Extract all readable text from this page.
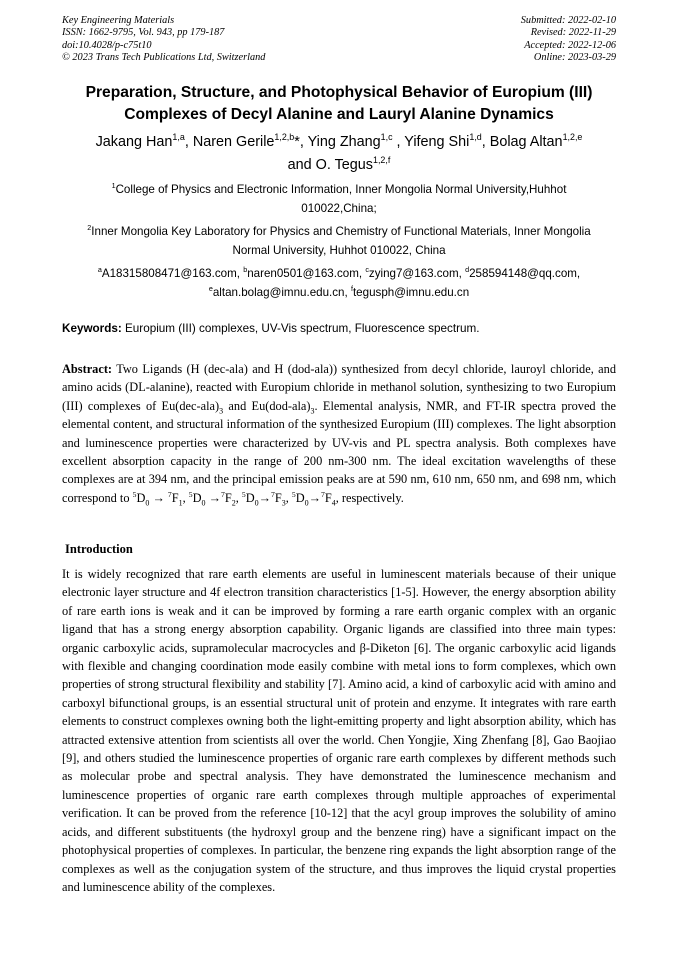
Key Engineering Materials
ISSN: 1662-9795, Vol. 943, pp 179-187
doi:10.4028/p-c75t10
© 2023 Trans Tech Publications Ltd, Switzerland
Submitted: 2022-02-10
Revised: 2022-11-29
Accepted: 2022-12-06
Online: 2023-03-29
Preparation, Structure, and Photophysical Behavior of Europium (III)
Complexes of Decyl Alanine and Lauryl Alanine Dynamics
Jakang Han$^{1,a}$, Naren Gerile$^{1,2,b}$*, Ying Zhang$^{1,c}$ , Yifeng Shi$^{1,d}$, Bolag Altan$^{1,2,e}$
and O. Tegus$^{1,2,f}$
$^1$College of Physics and Electronic Information, Inner Mongolia Normal University,Huhhot
010022,China;
$^2$Inner Mongolia Key Laboratory for Physics and Chemistry of Functional Materials, Inner Mongolia
Normal University, Huhhot 010022, China
$^a$A18315808471@163.com, $^b$naren0501@163.com, $^c$zying7@163.com, $^d$258594148@qq.com,
$^e$altan.bolag@imnu.edu.cn, $^f$tegusph@imnu.edu.cn
Keywords: Europium (III) complexes, UV-Vis spectrum, Fluorescence spectrum.
Abstract: Two Ligands (H (dec-ala) and H (dod-ala)) synthesized from decyl chloride, lauroyl chloride, and amino acids (DL-alanine), reacted with Europium chloride in methanol solution, synthesizing to two Europium (III) complexes of $Eu(dec-ala)_3$ and $Eu(dod-ala)_3$. Elemental analysis, NMR, and FT-IR spectra proved the elemental content, and structural information of the synthesized Europium (III) complexes. The light absorption and luminescence properties were characterized by UV-vis and PL spectra analysis. Both complexes have excellent absorption capacity in the range of 200 nm-300 nm. The ideal excitation wavelengths of these complexes are at 394 nm, and the principal emission peaks are at 590 nm, 610 nm, 650 nm, and 698 nm, which correspond to $^5D_0 \to ^7F_1$, $^5D_0 \to^7F_2$, $^5D_0\to^7F_3$, $^5D_0\to^7F_4$, respectively.
Introduction
It is widely recognized that rare earth elements are useful in luminescent materials because of their unique electronic layer structure and 4f electron transition characteristics [1-5]. However, the energy absorption ability of rare earth ions is weak and it can be improved by forming a rare earth organic complex with an organic ligand that has a strong energy absorption capability. Organic ligands are classified into three main types: organic carboxylic acids, supramolecular macrocycles and β-Diketon [6]. The organic carboxylic acid ligands with flexible and changing coordination mode easily combine with metal ions to form complexes, which own properties of strong structural flexibility and stability [7]. Amino acid, a kind of carboxylic acid with amino and carboxyl bifunctional groups, is an essential structural unit of protein and enzyme. It integrates with rare earth elements to construct complexes owning both the light-emitting property and light absorption ability, which has attracted extensive attention from scientists all over the world. Chen Yongjie, Xing Zhenfang [8], Gao Baojiao [9], and others studied the luminescence properties of organic rare earth complexes by different methods such as molecular probe and spectral analysis. They have demonstrated the luminescence mechanism and luminescence properties of organic rare earth complexes through multiple approaches of experimental verification. It can be proved from the reference [10-12] that the acyl group improves the solubility of amino acids, and different substituents (the hydroxyl group and the benzene ring) have a significant impact on the photophysical properties of complexes. In particular, the benzene ring expands the light absorption range of the complexes as well as the conjugation system of the structure, and thus improves the liquid crystal properties and luminescence ability of the complexes.
